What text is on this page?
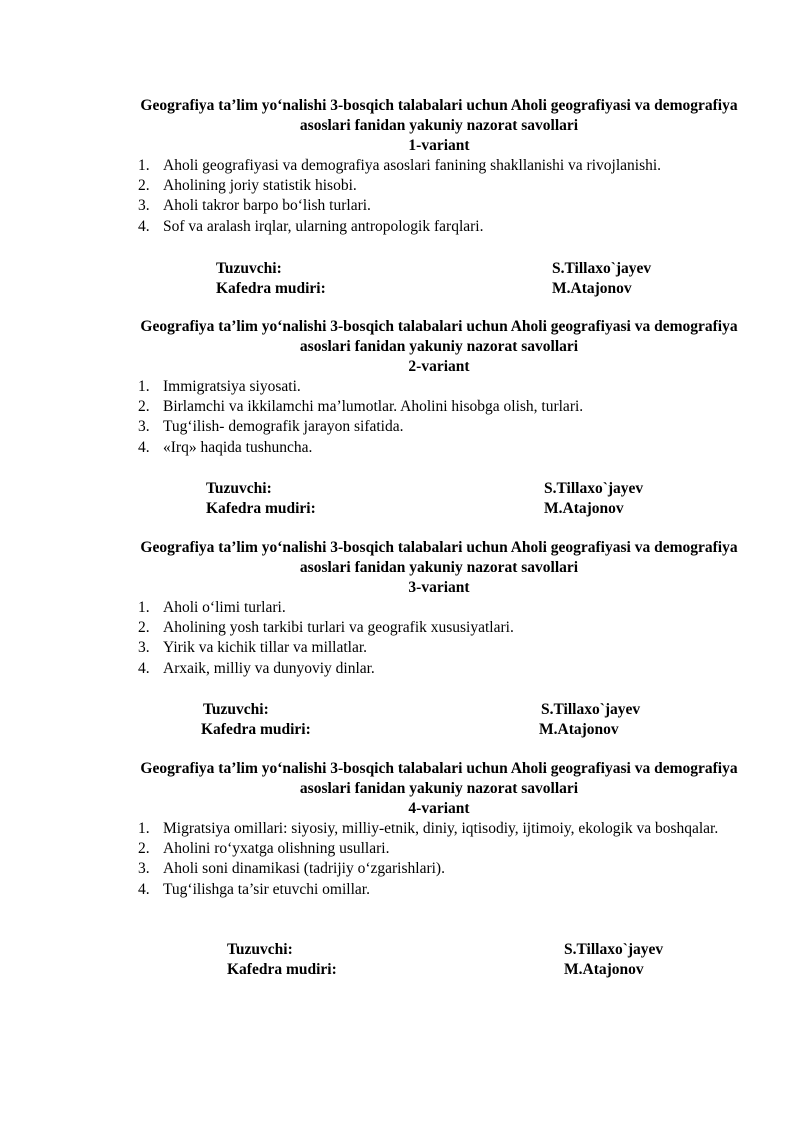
Geografiya ta’lim yo‘nalishi 3-bosqich talabalari uchun Aholi geografiyasi va demografiya asoslari fanidan yakuniy nazorat savollari
1-variant
1. Aholi geografiyasi va demografiya asoslari fanining shakllanishi va rivojlanishi.
2. Aholining joriy statistik hisobi.
3. Aholi takror barpo bo‘lish turlari.
4. Sof va aralash irqlar, ularning antropologik farqlari.
Tuzuvchi:	S.Tillaxo`jayev
Kafedra mudiri:	M.Atajonov
Geografiya ta’lim yo‘nalishi 3-bosqich talabalari uchun Aholi geografiyasi va demografiya asoslari fanidan yakuniy nazorat savollari
2-variant
1. Immigratsiya siyosati.
2. Birlamchi va ikkilamchi ma’lumotlar. Aholini hisobga olish, turlari.
3. Tug‘ilish- demografik jarayon sifatida.
4. «Irq» haqida tushuncha.
Tuzuvchi:	S.Tillaxo`jayev
Kafedra mudiri:	M.Atajonov
Geografiya ta’lim yo‘nalishi 3-bosqich talabalari uchun Aholi geografiyasi va demografiya asoslari fanidan yakuniy nazorat savollari
3-variant
1. Aholi o‘limi turlari.
2. Aholining yosh tarkibi turlari va geografik xususiyatlari.
3. Yirik va kichik tillar va millatlar.
4. Arxaik, milliy va dunyoviy dinlar.
Tuzuvchi:	S.Tillaxo`jayev
Kafedra mudiri:	M.Atajonov
Geografiya ta’lim yo‘nalishi 3-bosqich talabalari uchun Aholi geografiyasi va demografiya asoslari fanidan yakuniy nazorat savollari
4-variant
1. Migratsiya omillari: siyosiy, milliy-etnik, diniy, iqtisodiy, ijtimoiy, ekologik va boshqalar.
2. Aholini ro‘yxatga olishning usullari.
3. Aholi soni dinamikasi (tadrijiy o‘zgarishlari).
4. Tug‘ilishga ta’sir etuvchi omillar.
Tuzuvchi:	S.Tillaxo`jayev
Kafedra mudiri:	M.Atajonov
